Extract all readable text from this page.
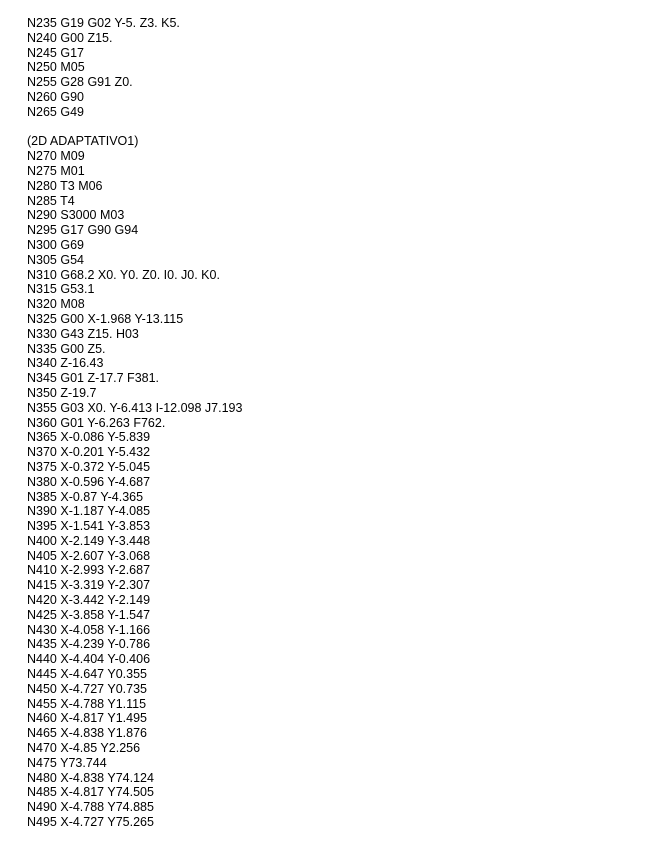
N235 G19 G02 Y-5. Z3. K5.
N240 G00 Z15.
N245 G17
N250 M05
N255 G28 G91 Z0.
N260 G90
N265 G49
(2D ADAPTATIVO1)
N270 M09
N275 M01
N280 T3 M06
N285 T4
N290 S3000 M03
N295 G17 G90 G94
N300 G69
N305 G54
N310 G68.2 X0. Y0. Z0. I0. J0. K0.
N315 G53.1
N320 M08
N325 G00 X-1.968 Y-13.115
N330 G43 Z15. H03
N335 G00 Z5.
N340 Z-16.43
N345 G01 Z-17.7 F381.
N350 Z-19.7
N355 G03 X0. Y-6.413 I-12.098 J7.193
N360 G01 Y-6.263 F762.
N365 X-0.086 Y-5.839
N370 X-0.201 Y-5.432
N375 X-0.372 Y-5.045
N380 X-0.596 Y-4.687
N385 X-0.87 Y-4.365
N390 X-1.187 Y-4.085
N395 X-1.541 Y-3.853
N400 X-2.149 Y-3.448
N405 X-2.607 Y-3.068
N410 X-2.993 Y-2.687
N415 X-3.319 Y-2.307
N420 X-3.442 Y-2.149
N425 X-3.858 Y-1.547
N430 X-4.058 Y-1.166
N435 X-4.239 Y-0.786
N440 X-4.404 Y-0.406
N445 X-4.647 Y0.355
N450 X-4.727 Y0.735
N455 X-4.788 Y1.115
N460 X-4.817 Y1.495
N465 X-4.838 Y1.876
N470 X-4.85 Y2.256
N475 Y73.744
N480 X-4.838 Y74.124
N485 X-4.817 Y74.505
N490 X-4.788 Y74.885
N495 X-4.727 Y75.265
